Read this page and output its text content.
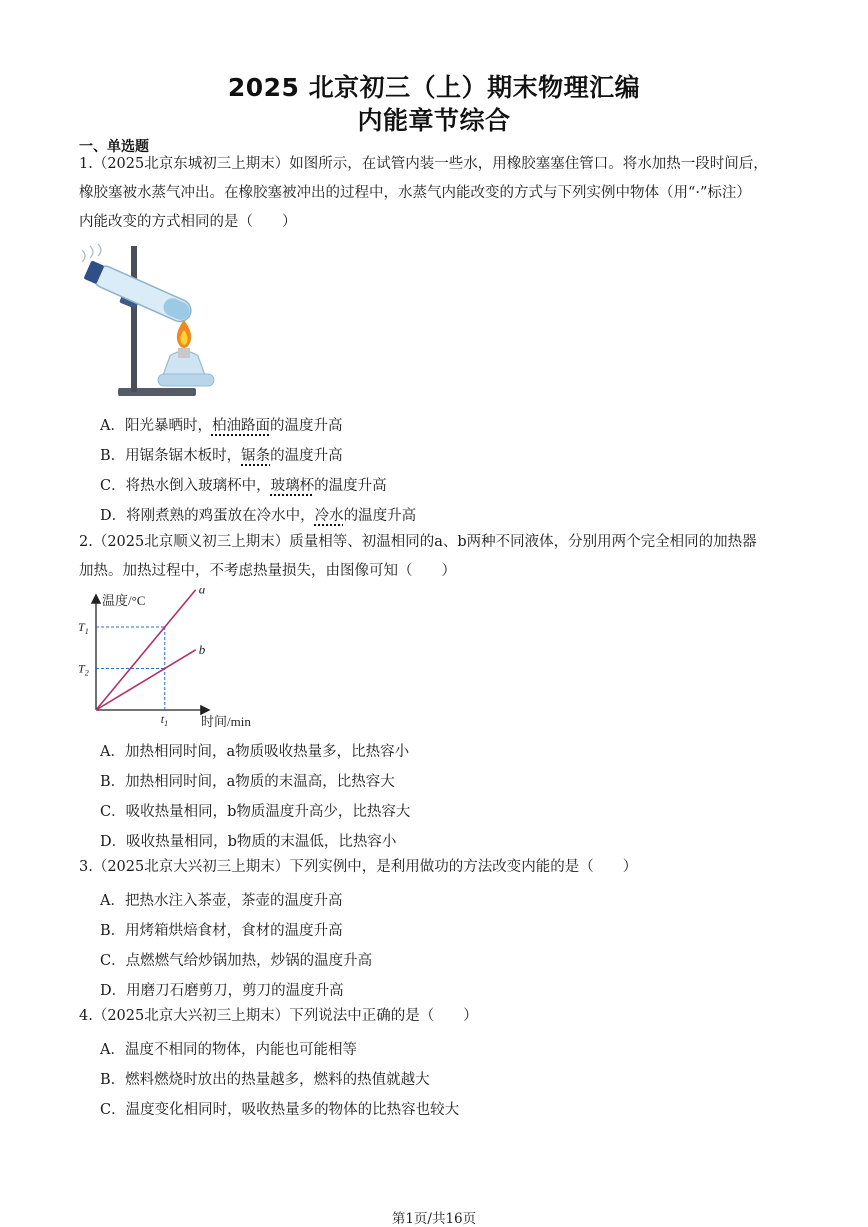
2025 北京初三（上）期末物理汇编
内能章节综合
一、单选题
1.（2025北京东城初三上期末）如图所示，在试管内装一些水，用橡胶塞塞住管口。将水加热一段时间后，
橡胶塞被水蒸气冲出。在橡胶塞被冲出的过程中，水蒸气内能改变的方式与下列实例中物体（用“·”标注）
内能改变的方式相同的是（　　）
A．阳光暴晒时，柏油路面的温度升高
B．用锯条锯木板时，锯条的温度升高
C．将热水倒入玻璃杯中，玻璃杯的温度升高
D．将刚煮熟的鸡蛋放在冷水中，冷水的温度升高
2.（2025北京顺义初三上期末）质量相等、初温相同的a、b两种不同液体，分别用两个完全相同的加热器
加热。加热过程中，不考虑热量损失，由图像可知（　　）
温度/°C
时间/min
a
b
$T_1$
$T_2$
$t_1$
A．加热相同时间，a物质吸收热量多，比热容小
B．加热相同时间，a物质的末温高，比热容大
C．吸收热量相同，b物质温度升高少，比热容大
D．吸收热量相同，b物质的末温低，比热容小
3.（2025北京大兴初三上期末）下列实例中，是利用做功的方法改变内能的是（　　）
A．把热水注入茶壶，茶壶的温度升高
B．用烤箱烘焙食材，食材的温度升高
C．点燃燃气给炒锅加热，炒锅的温度升高
D．用磨刀石磨剪刀，剪刀的温度升高
4.（2025北京大兴初三上期末）下列说法中正确的是（　　）
A．温度不相同的物体，内能也可能相等
B．燃料燃烧时放出的热量越多，燃料的热值就越大
C．温度变化相同时，吸收热量多的物体的比热容也较大
第1页/共16页
